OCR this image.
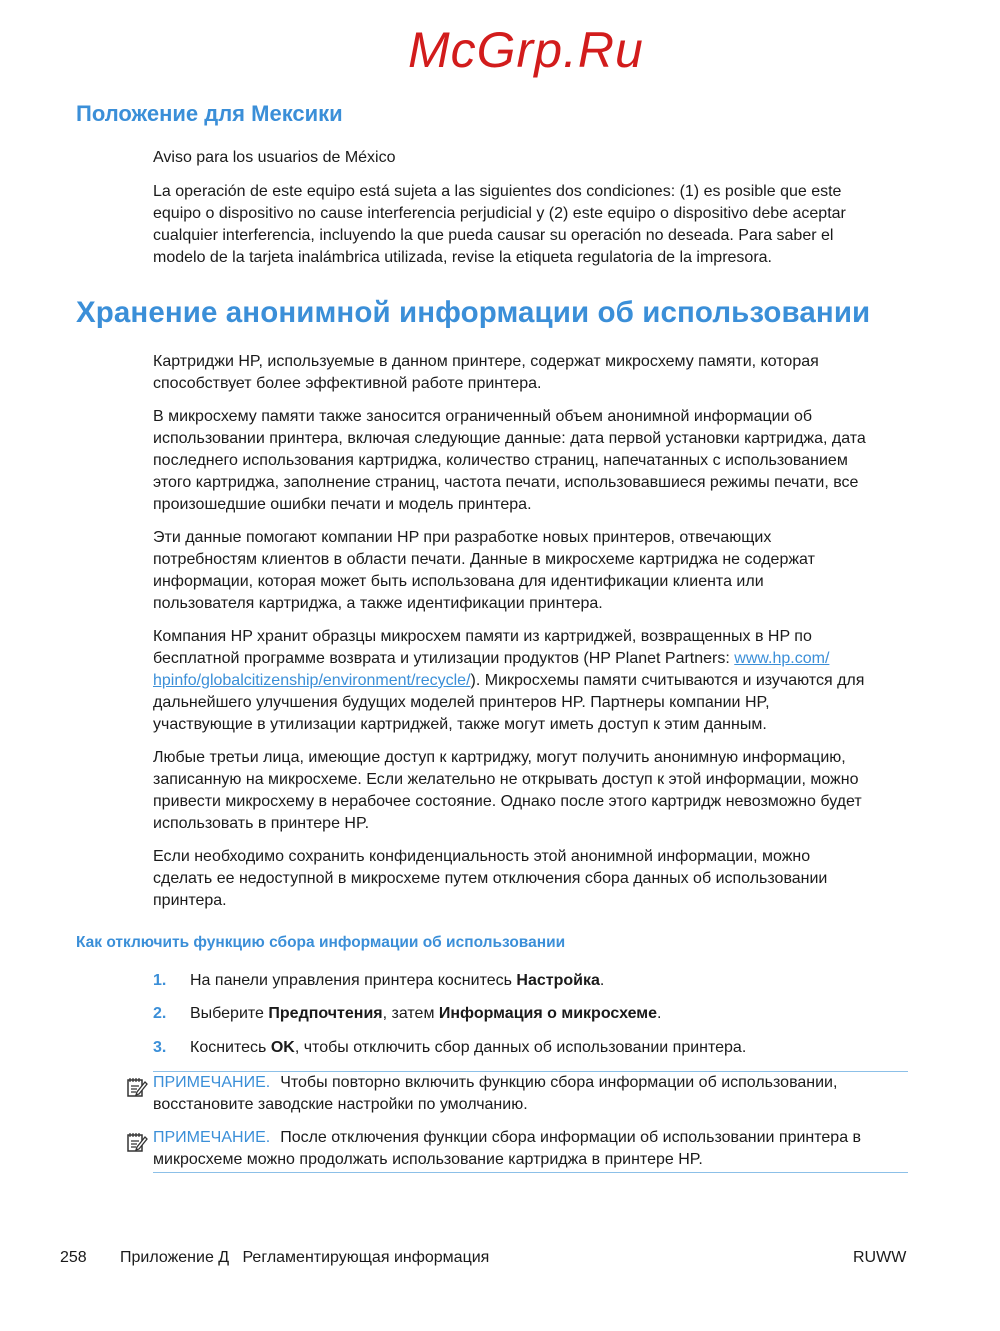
McGrp.Ru
Положение для Мексики
Aviso para los usuarios de México
La operación de este equipo está sujeta a las siguientes dos condiciones: (1) es posible que este
equipo o dispositivo no cause interferencia perjudicial y (2) este equipo o dispositivo debe aceptar
cualquier interferencia, incluyendo la que pueda causar su operación no deseada. Para saber el
modelo de la tarjeta inalámbrica utilizada, revise la etiqueta regulatoria de la impresora.
Хранение анонимной информации об использовании
Картриджи HP, используемые в данном принтере, содержат микросхему памяти, которая
способствует более эффективной работе принтера.
В микросхему памяти также заносится ограниченный объем анонимной информации об
использовании принтера, включая следующие данные: дата первой установки картриджа, дата
последнего использования картриджа, количество страниц, напечатанных с использованием
этого картриджа, заполнение страниц, частота печати, использовавшиеся режимы печати, все
произошедшие ошибки печати и модель принтера.
Эти данные помогают компании HP при разработке новых принтеров, отвечающих
потребностям клиентов в области печати. Данные в микросхеме картриджа не содержат
информации, которая может быть использована для идентификации клиента или
пользователя картриджа, а также идентификации принтера.
Компания HP хранит образцы микросхем памяти из картриджей, возвращенных в HP по
бесплатной программе возврата и утилизации продуктов (HP Planet Partners: www.hp.com/
hpinfo/globalcitizenship/environment/recycle/). Микросхемы памяти считываются и изучаются для
дальнейшего улучшения будущих моделей принтеров HP. Партнеры компании HP,
участвующие в утилизации картриджей, также могут иметь доступ к этим данным.
Любые третьи лица, имеющие доступ к картриджу, могут получить анонимную информацию,
записанную на микросхеме. Если желательно не открывать доступ к этой информации, можно
привести микросхему в нерабочее состояние. Однако после этого картридж невозможно будет
использовать в принтере HP.
Если необходимо сохранить конфиденциальность этой анонимной информации, можно
сделать ее недоступной в микросхеме путем отключения сбора данных об использовании
принтера.
Как отключить функцию сбора информации об использовании
1. На панели управления принтера коснитесь Настройка.
2. Выберите Предпочтения, затем Информация о микросхеме.
3. Коснитесь OK, чтобы отключить сбор данных об использовании принтера.
ПРИМЕЧАНИЕ. Чтобы повторно включить функцию сбора информации об использовании,
восстановите заводские настройки по умолчанию.
ПРИМЕЧАНИЕ. После отключения функции сбора информации об использовании принтера в
микросхеме можно продолжать использование картриджа в принтере HP.
258 Приложение Д   Регламентирующая информация	RUWW
